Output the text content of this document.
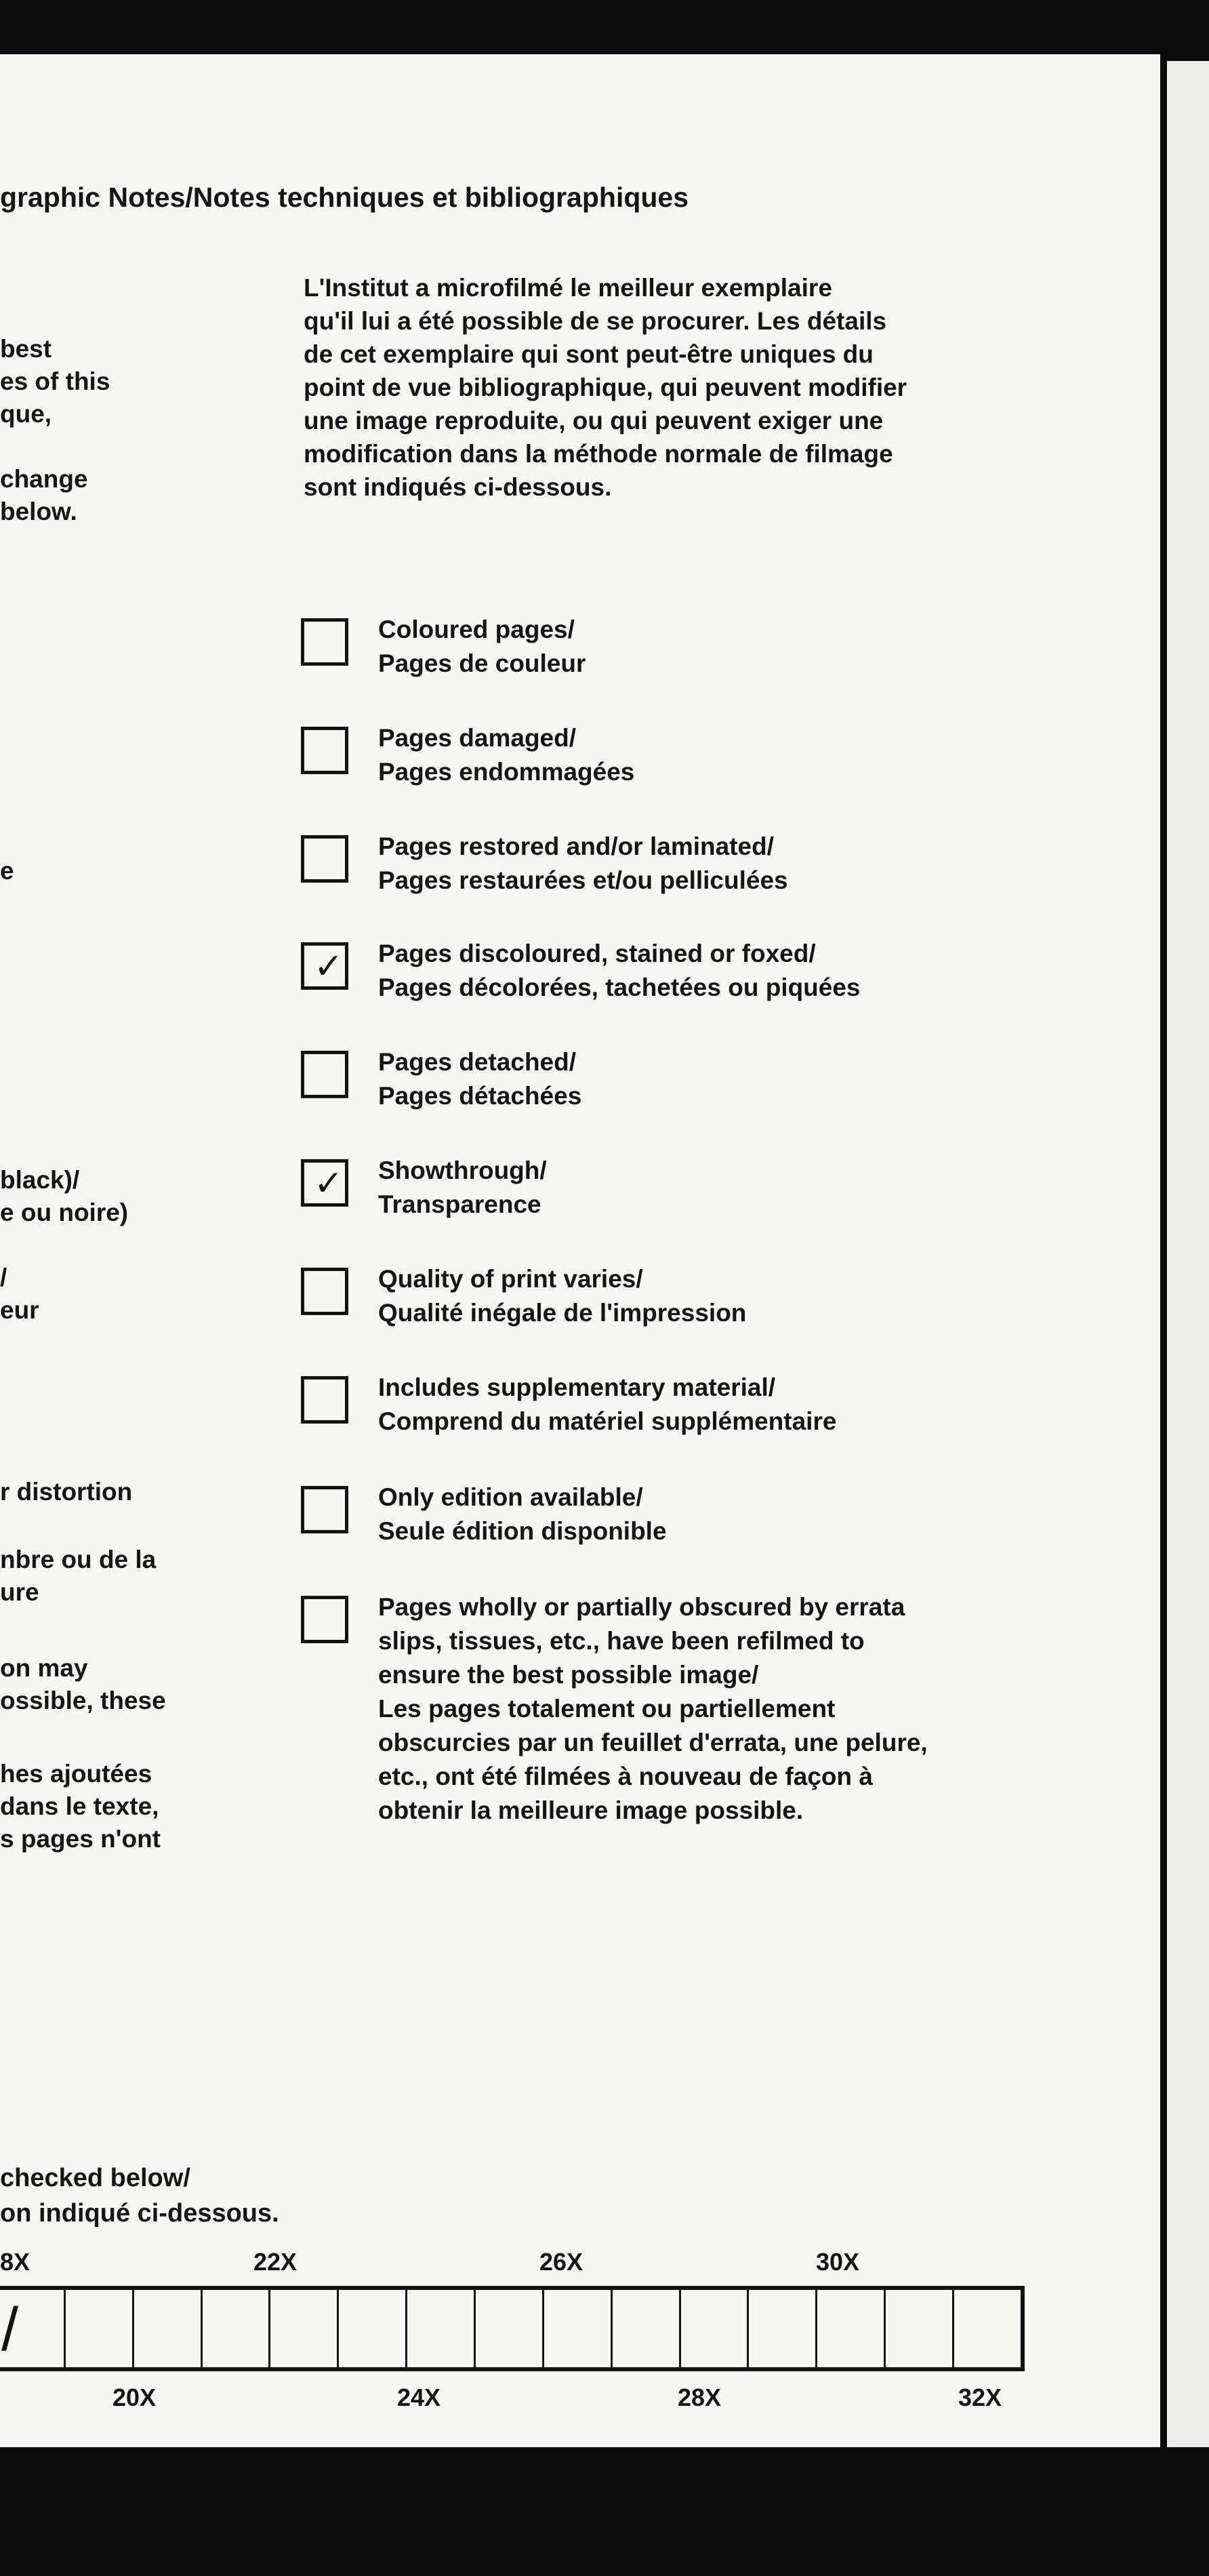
graphic Notes/Notes techniques et bibliographiques
best
es of this
que,
change
below.
e
black)/
e ou noire)
/
eur
r distortion
nbre ou de la
ure
on may
ossible, these
hes ajoutées
dans le texte,
s pages n'ont
L'Institut a microfilmé le meilleur exemplaire
qu'il lui a été possible de se procurer. Les détails
de cet exemplaire qui sont peut-être uniques du
point de vue bibliographique, qui peuvent modifier
une image reproduite, ou qui peuvent exiger une
modification dans la méthode normale de filmage
sont indiqués ci-dessous.
Coloured pages/
Pages de couleur
Pages damaged/
Pages endommagées
Pages restored and/or laminated/
Pages restaurées et/ou pelliculées
✓ Pages discoloured, stained or foxed/
Pages décolorées, tachetées ou piquées
Pages detached/
Pages détachées
✓ Showthrough/
Transparence
Quality of print varies/
Qualité inégale de l'impression
Includes supplementary material/
Comprend du matériel supplémentaire
Only edition available/
Seule édition disponible
Pages wholly or partially obscured by errata
slips, tissues, etc., have been refilmed to
ensure the best possible image/
Les pages totalement ou partiellement
obscurcies par un feuillet d'errata, une pelure,
etc., ont été filmées à nouveau de façon à
obtenir la meilleure image possible.
checked below/
on indiqué ci-dessous.
8X	22X	26X	30X
/
20X	24X	28X	32X
